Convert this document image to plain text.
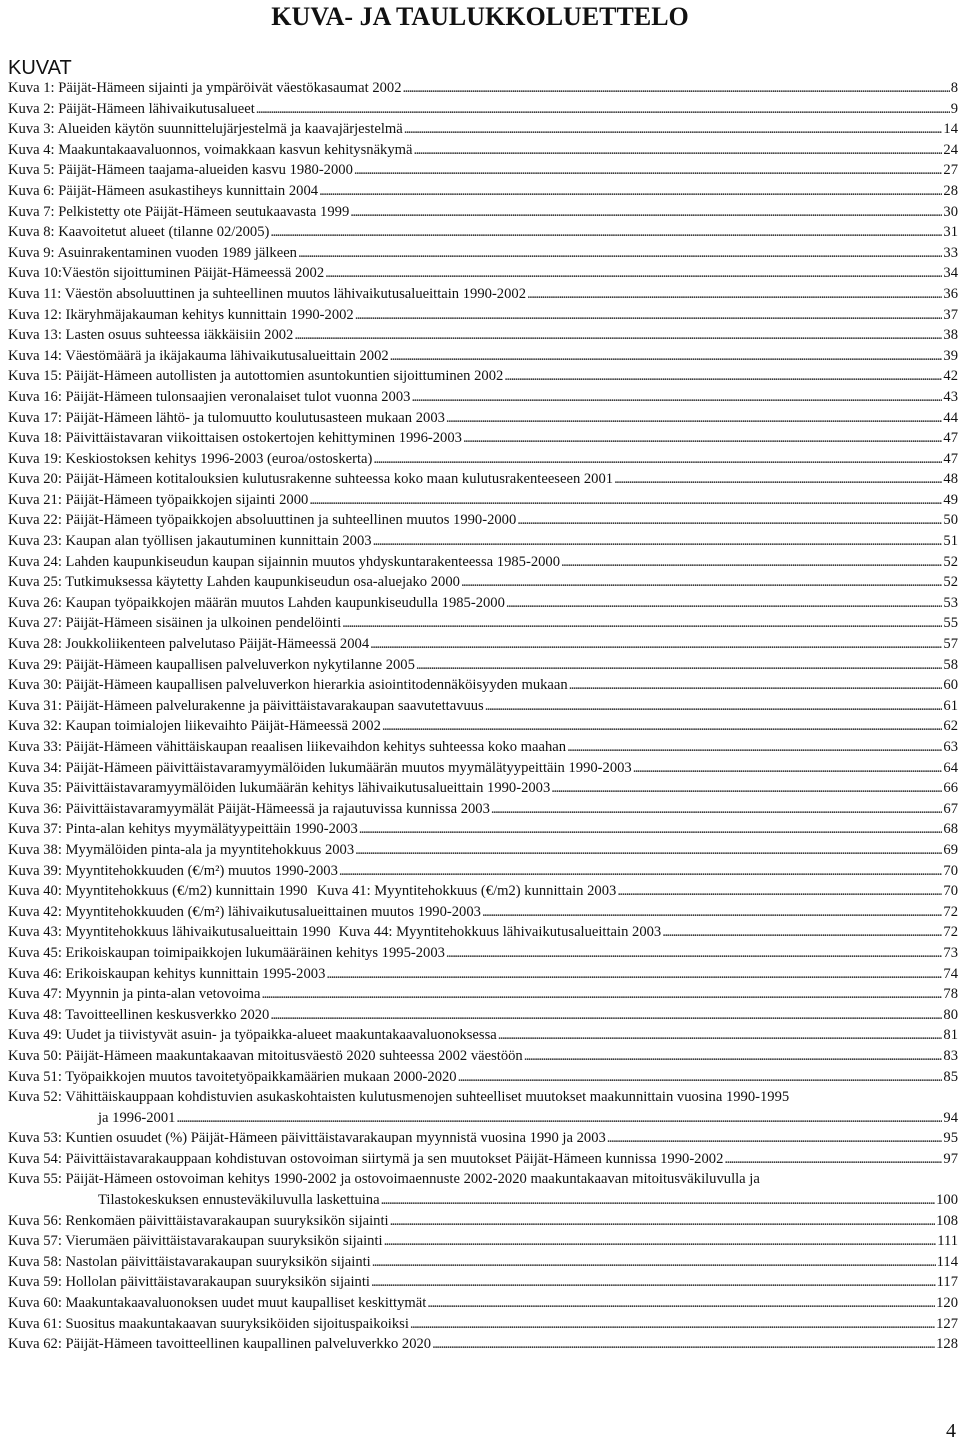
KUVA- JA TAULUKKOLUETTELO
KUVAT
Kuva 1: Päijät-Hämeen sijainti ja ympäröivät väestökasaumat 2002 . . .	8
Kuva 2: Päijät-Hämeen lähivaikutusalueet . . .	9
Kuva 3: Alueiden käytön suunnittelujärjestelmä ja kaavajärjestelmä . . .	14
Kuva 4: Maakuntakaavaluonnos, voimakkaan kasvun kehitysnäkymä . . .	24
Kuva 5: Päijät-Hämeen taajama-alueiden kasvu 1980-2000 . . .	27
Kuva 6: Päijät-Hämeen asukastiheys kunnittain 2004 . . .	28
Kuva 7: Pelkistetty ote Päijät-Hämeen seutukaavasta 1999 . . .	30
Kuva 8: Kaavoitetut alueet (tilanne 02/2005) . . .	31
Kuva 9: Asuinrakentaminen vuoden 1989 jälkeen . . .	33
Kuva 10:Väestön sijoittuminen Päijät-Hämeessä 2002 . . .	34
Kuva 11: Väestön absoluuttinen ja suhteellinen muutos lähivaikutusalueittain 1990-2002 . . .	36
Kuva 12: Ikäryhmäjakauman kehitys kunnittain 1990-2002 . . .	37
Kuva 13: Lasten osuus suhteessa iäkkäisiin 2002 . . .	38
Kuva 14: Väestömäärä ja ikäjakauma lähivaikutusalueittain 2002 . . .	39
Kuva 15: Päijät-Hämeen autollisten ja autottomien asuntokuntien sijoittuminen 2002 . . .	42
Kuva 16: Päijät-Hämeen tulonsaajien veronalaiset tulot vuonna 2003 . . .	43
Kuva 17: Päijät-Hämeen lähtö- ja tulomuutto koulutusasteen mukaan 2003 . . .	44
Kuva 18: Päivittäistavaran viikoittaisen ostokertojen kehittyminen 1996-2003 . . .	47
Kuva 19: Keskiostoksen kehitys 1996-2003 (euroa/ostoskerta) . . .	47
Kuva 20: Päijät-Hämeen kotitalouksien kulutusrakenne suhteessa koko maan kulutusrakenteeseen 2001 . . .	48
Kuva 21: Päijät-Hämeen työpaikkojen sijainti 2000 . . .	49
Kuva 22: Päijät-Hämeen työpaikkojen absoluuttinen ja suhteellinen muutos 1990-2000 . . .	50
Kuva 23: Kaupan alan työllisen jakautuminen kunnittain 2003 . . .	51
Kuva 24: Lahden kaupunkiseudun kaupan sijainnin muutos yhdyskuntarakenteessa 1985-2000 . . .	52
Kuva 25: Tutkimuksessa käytetty Lahden kaupunkiseudun osa-aluejako 2000 . . .	52
Kuva 26: Kaupan työpaikkojen määrän muutos Lahden kaupunkiseudulla 1985-2000 . . .	53
Kuva 27: Päijät-Hämeen sisäinen ja ulkoinen pendelöinti . . .	55
Kuva 28: Joukkoliikenteen palvelutaso Päijät-Hämeessä 2004 . . .	57
Kuva 29: Päijät-Hämeen kaupallisen palveluverkon nykytilanne 2005 . . .	58
Kuva 30: Päijät-Hämeen kaupallisen palveluverkon hierarkia asiointitodennäköisyyden mukaan . . .	60
Kuva 31: Päijät-Hämeen palvelurakenne ja päivittäistavarakaupan saavutettavuus . . .	61
Kuva 32: Kaupan toimialojen liikevaihto Päijät-Hämeessä 2002 . . .	62
Kuva 33: Päijät-Hämeen vähittäiskaupan reaalisen liikevaihdon kehitys suhteessa koko maahan . . .	63
Kuva 34: Päijät-Hämeen päivittäistavaramyymälöiden lukumäärän muutos myymälätyypeittäin 1990-2003 . . .	64
Kuva 35: Päivittäistavaramyymälöiden lukumäärän kehitys lähivaikutusalueittain 1990-2003 . . .	66
Kuva 36: Päivittäistavaramyymälät Päijät-Hämeessä ja rajautuvissa kunnissa 2003 . . .	67
Kuva 37: Pinta-alan kehitys myymälätyypeittäin 1990-2003 . . .	68
Kuva 38: Myymälöiden pinta-ala ja myyntitehokkuus 2003 . . .	69
Kuva 39: Myyntitehokkuuden (€/m²) muutos 1990-2003 . . .	70
Kuva 40: Myyntitehokkuus (€/m2) kunnittain 1990 Kuva 41: Myyntitehokkuus (€/m2) kunnittain 2003 . . .	70
Kuva 42: Myyntitehokkuuden (€/m²) lähivaikutusalueittainen muutos 1990-2003 . . .	72
Kuva 43: Myyntitehokkuus lähivaikutusalueittain 1990 Kuva 44: Myyntitehokkuus lähivaikutusalueittain 2003 . . .	72
Kuva 45: Erikoiskaupan toimipaikkojen lukumääräinen kehitys 1995-2003 . . .	73
Kuva 46: Erikoiskaupan kehitys kunnittain 1995-2003 . . .	74
Kuva 47: Myynnin ja pinta-alan vetovoima . . .	78
Kuva 48: Tavoitteellinen keskusverkko 2020 . . .	80
Kuva 49: Uudet ja tiivistyvät asuin- ja työpaikka-alueet maakuntakaavaluonoksessa . . .	81
Kuva 50: Päijät-Hämeen maakuntakaavan mitoitusväestö 2020 suhteessa 2002 väestöön . . .	83
Kuva 51: Työpaikkojen muutos tavoitetyöpaikkamäärien mukaan 2000-2020 . . .	85
Kuva 52: Vähittäiskauppaan kohdistuvien asukaskohtaisten kulutusmenojen suhteelliset muutokset maakunnittain vuosina 1990-1995
ja 1996-2001 . . .	94
Kuva 53: Kuntien osuudet (%) Päijät-Hämeen päivittäistavarakaupan myynnistä vuosina 1990 ja 2003 . . .	95
Kuva 54: Päivittäistavarakauppaan kohdistuvan ostovoiman siirtymä ja sen muutokset Päijät-Hämeen kunnissa 1990-2002 . . .	97
Kuva 55: Päijät-Hämeen ostovoiman kehitys 1990-2002 ja ostovoimaennuste 2002-2020 maakuntakaavan mitoitusväkiluvulla ja
Tilastokeskuksen ennusteväkiluvulla laskettuina . . .	100
Kuva 56: Renkomäen päivittäistavarakaupan suuryksikön sijainti . . .	108
Kuva 57: Vierumäen päivittäistavarakaupan suuryksikön sijainti . . .	111
Kuva 58: Nastolan päivittäistavarakaupan suuryksikön sijainti . . .	114
Kuva 59: Hollolan päivittäistavarakaupan suuryksikön sijainti . . .	117
Kuva 60: Maakuntakaavaluonoksen uudet muut kaupalliset keskittymät . . .	120
Kuva 61: Suositus maakuntakaavan suuryksiköiden sijoituspaikoiksi . . .	127
Kuva 62: Päijät-Hämeen tavoitteellinen kaupallinen palveluverkko 2020 . . .	128
4
